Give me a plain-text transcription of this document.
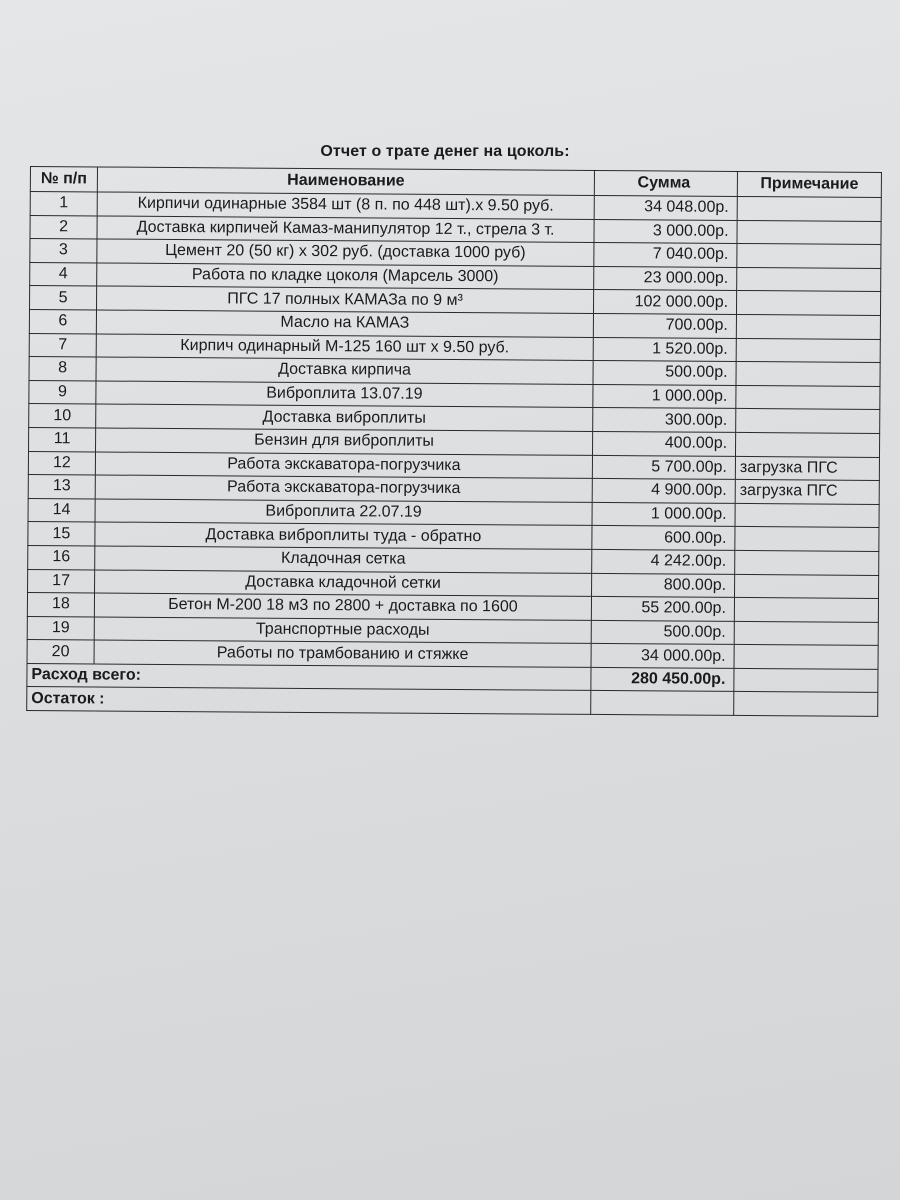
Отчет о трате денег на цоколь:
№ п/п	Наименование	Сумма	Примечание
1	Кирпичи одинарные 3584 шт (8 п. по 448 шт).х 9.50 руб.	34 048.00р.	
2	Доставка кирпичей Камаз-манипулятор 12 т., стрела 3 т.	3 000.00р.	
3	Цемент 20 (50 кг) х 302 руб. (доставка 1000 руб)	7 040.00р.	
4	Работа по кладке цоколя (Марсель 3000)	23 000.00р.	
5	ПГС 17 полных КАМАЗа по 9 м³	102 000.00р.	
6	Масло на КАМАЗ	700.00р.	
7	Кирпич одинарный М-125 160 шт х 9.50 руб.	1 520.00р.	
8	Доставка кирпича	500.00р.	
9	Виброплита 13.07.19	1 000.00р.	
10	Доставка виброплиты	300.00р.	
11	Бензин для виброплиты	400.00р.	
12	Работа экскаватора-погрузчика	5 700.00р.	загрузка ПГС
13	Работа экскаватора-погрузчика	4 900.00р.	загрузка ПГС
14	Виброплита 22.07.19	1 000.00р.	
15	Доставка виброплиты туда - обратно	600.00р.	
16	Кладочная сетка	4 242.00р.	
17	Доставка кладочной сетки	800.00р.	
18	Бетон М-200 18 м3 по 2800 + доставка по 1600	55 200.00р.	
19	Транспортные расходы	500.00р.	
20	Работы по трамбованию и стяжке	34 000.00р.	
Расход всего:		280 450.00р.	
Остаток :			
